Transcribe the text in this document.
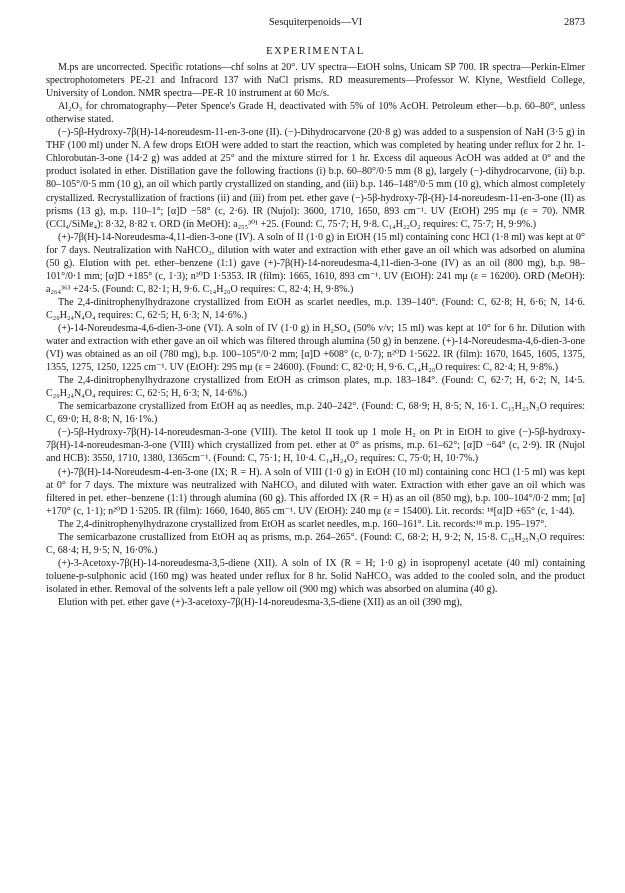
Sesquiterpenoids—VI	2873
EXPERIMENTAL

M.ps are uncorrected. Specific rotations—chf solns at 20°. UV spectra—EtOH solns, Unicam SP 700. IR spectra—Perkin-Elmer spectrophotometers PE-21 and Infracord 137 with NaCl prisms. RD measurements—Professor W. Klyne, Westfield College, University of London. NMR spectra—PE-R 10 instrument at 60 Mc/s.

Al₂O₃ for chromatography—Peter Spence's Grade H, deactivated with 5% of 10% AcOH. Petroleum ether—b.p. 60–80°, unless otherwise stated.

(−)-5β-Hydroxy-7β(H)-14-noreudesm-11-en-3-one (II). (−)-Dihydrocarvone (20·8 g) was added to a suspension of NaH (3·5 g) in THF (100 ml) under N. A few drops EtOH were added to start the reaction, which was completed by heating under reflux for 2 hr. 1-Chlorobutan-3-one (14·2 g) was added at 25° and the mixture stirred for 1 hr. Excess dil aqueous AcOH was added at 0° and the product isolated in ether. Distillation gave the following fractions (i) b.p. 60–80°/0·5 mm (8 g), largely (−)-dihydrocarvone, (ii) b.p. 80–105°/0·5 mm (10 g), an oil which partly crystallized on standing, and (iii) b.p. 146–148°/0·5 mm (10 g), which almost completely crystallized. Recrystallization of fractions (ii) and (iii) from pet. ether gave (−)-5β-hydroxy-7β-(H)-14-noreudesm-11-en-3-one (II) as prisms (13 g), m.p. 110–1°; [α]D −58° (c, 2·6). IR (Nujol): 3600, 1710, 1650, 893 cm⁻¹. UV (EtOH) 295 mμ (ε = 70). NMR (CCl₄/SiMe₄): 8·32, 8·82 τ. ORD (in MeOH): a₂₅₅³⁰¹ +25. (Found: C, 75·7; H, 9·8. C₁₄H₂₂O₂ requires: C, 75·7; H, 9·9%.)

(+)-7β(H)-14-Noreudesma-4,11-dien-3-one (IV). A soln of II (1·0 g) in EtOH (15 ml) containing conc HCl (1·8 ml) was kept at 0° for 7 days. Neutralization with NaHCO₃, dilution with water and extraction with ether gave an oil which was adsorbed on alumina (50 g). Elution with pet. ether–benzene (1:1) gave (+)-7β(H)-14-noreudesma-4,11-dien-3-one (IV) as an oil (800 mg), b.p. 98–101°/0·1 mm; [α]D +185° (c, 1·3); n²⁰D 1·5353. IR (film): 1665, 1610, 893 cm⁻¹. UV (EtOH): 241 mμ (ε = 16200). ORD (MeOH): a₂₆₄³⁶³ +24·5. (Found: C, 82·1; H, 9·6. C₁₄H₂₀O requires: C, 82·4; H, 9·8%.)

The 2,4-dinitrophenylhydrazone crystallized from EtOH as scarlet needles, m.p. 139–140°. (Found: C, 62·8; H, 6·6; N, 14·6. C₂₀H₂₄N₄O₄ requires: C, 62·5; H, 6·3; N, 14·6%.)

(+)-14-Noreudesma-4,6-dien-3-one (VI). A soln of IV (1·0 g) in H₂SO₄ (50% v/v; 15 ml) was kept at 10° for 6 hr. Dilution with water and extraction with ether gave an oil which was filtered through alumina (50 g) in benzene. (+)-14-Noreudesma-4,6-dien-3-one (VI) was obtained as an oil (780 mg), b.p. 100–105°/0·2 mm; [α]D +608° (c, 0·7); n²⁰D 1·5622. IR (film): 1670, 1645, 1605, 1375, 1355, 1275, 1250, 1225 cm⁻¹. UV (EtOH): 295 mμ (ε = 24600). (Found: C, 82·0; H, 9·6. C₁₄H₂₀O requires: C, 82·4; H, 9·8%.)

The 2,4-dinitrophenylhydrazone crystallized from EtOH as crimson plates, m.p. 183–184°. (Found: C, 62·7; H, 6·2; N, 14·5. C₂₀H₂₄N₄O₄ requires: C, 62·5; H, 6·3; N, 14·6%.)

The semicarbazone crystallized from EtOH aq as needles, m.p. 240–242°. (Found: C, 68·9; H, 8·5; N, 16·1. C₁₅H₂₃N₃O requires: C, 69·0; H, 8·8; N, 16·1%.)

(−)-5β-Hydroxy-7β(H)-14-noreudesman-3-one (VIII). The ketol II took up 1 mole H₂ on Pt in EtOH to give (−)-5β-hydroxy-7β(H)-14-noreudesman-3-one (VIII) which crystallized from pet. ether at 0° as prisms, m.p. 61–62°; [α]D −64° (c, 2·9). IR (Nujol and HCB): 3550, 1710, 1380, 1365cm⁻¹. (Found: C, 75·1; H, 10·4. C₁₄H₂₄O₂ requires: C, 75·0; H, 10·7%.)

(+)-7β(H)-14-Noreudesm-4-en-3-one (IX; R = H). A soln of VIII (1·0 g) in EtOH (10 ml) containing conc HCl (1·5 ml) was kept at 0° for 7 days. The mixture was neutralized with NaHCO₃ and diluted with water. Extraction with ether gave an oil which was filtered in pet. ether–benzene (1:1) through alumina (60 g). This afforded IX (R = H) as an oil (850 mg), b.p. 100–104°/0·2 mm; [α] +170° (c, 1·1); n²⁰D 1·5205. IR (film): 1660, 1640, 865 cm⁻¹. UV (EtOH): 240 mμ (ε = 15400). Lit. records: ¹⁸[α]D +65° (c, 1·44).

The 2,4-dinitrophenylhydrazone crystallized from EtOH as scarlet needles, m.p. 160–161°. Lit. records:¹⁸ m.p. 195–197°.

The semicarbazone crustallized from EtOH aq as prisms, m.p. 264–265°. (Found: C, 68·2; H, 9·2; N, 15·8. C₁₅H₂₅N₃O requires: C, 68·4; H, 9·5; N, 16·0%.)

(+)-3-Acetoxy-7β(H)-14-noreudesma-3,5-diene (XII). A soln of IX (R = H; 1·0 g) in isopropenyl acetate (40 ml) containing toluene-p-sulphonic acid (160 mg) was heated under reflux for 8 hr. Solid NaHCO₃ was added to the cooled soln, and the product isolated in ether. Removal of the solvents left a pale yellow oil (900 mg) which was absorbed on alumina (40 g).

Elution with pet. ether gave (+)-3-acetoxy-7β(H)-14-noreudesma-3,5-diene (XII) as an oil (390 mg),
